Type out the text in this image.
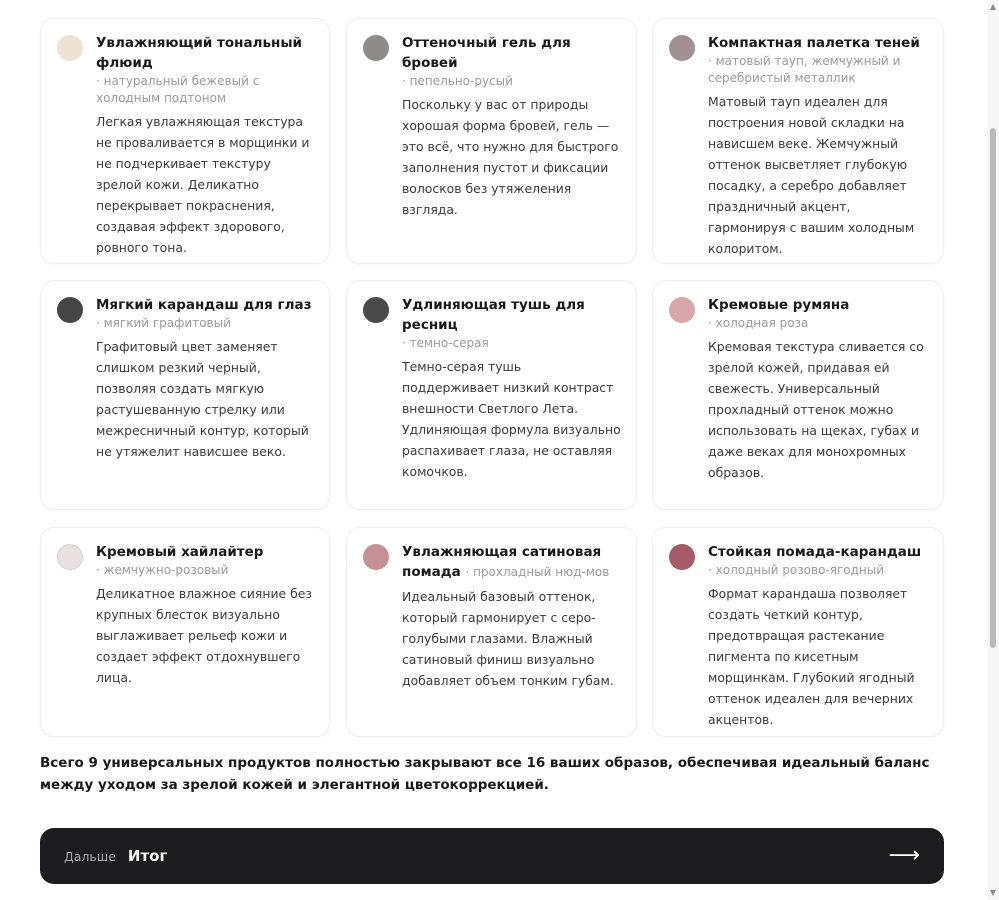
Увлажняющий тональный флюид
· натуральный бежевый с холодным подтоном
Легкая увлажняющая текстура не проваливается в морщинки и не подчеркивает текстуру зрелой кожи. Деликатно перекрывает покраснения, создавая эффект здорового, ровного тона.
Оттеночный гель для бровей
· пепельно-русый
Поскольку у вас от природы хорошая форма бровей, гель — это всё, что нужно для быстрого заполнения пустот и фиксации волосков без утяжеления взгляда.
Компактная палетка теней
· матовый тауп, жемчужный и серебристый металлик
Матовый тауп идеален для построения новой складки на нависшем веке. Жемчужный оттенок высветляет глубокую посадку, а серебро добавляет праздничный акцент, гармонируя с вашим холодным колоритом.
Мягкий карандаш для глаз
· мягкий графитовый
Графитовый цвет заменяет слишком резкий черный, позволяя создать мягкую растушеванную стрелку или межресничный контур, который не утяжелит нависшее веко.
Удлиняющая тушь для ресниц
· темно-серая
Темно-серая тушь поддерживает низкий контраст внешности Светлого Лета. Удлиняющая формула визуально распахивает глаза, не оставляя комочков.
Кремовые румяна
· холодная роза
Кремовая текстура сливается со зрелой кожей, придавая ей свежесть. Универсальный прохладный оттенок можно использовать на щеках, губах и даже веках для монохромных образов.
Кремовый хайлайтер
· жемчужно-розовый
Деликатное влажное сияние без крупных блесток визуально выглаживает рельеф кожи и создает эффект отдохнувшего лица.
Увлажняющая сатиновая помада · прохладный нюд-мов
Идеальный базовый оттенок, который гармонирует с серо-голубыми глазами. Влажный сатиновый финиш визуально добавляет объем тонким губам.
Стойкая помада-карандаш
· холодный розово-ягодный
Формат карандаша позволяет создать четкий контур, предотвращая растекание пигмента по кисетным морщинкам. Глубокий ягодный оттенок идеален для вечерних акцентов.
Всего 9 универсальных продуктов полностью закрывают все 16 ваших образов, обеспечивая идеальный баланс между уходом за зрелой кожей и элегантной цветокоррекцией.
Дальше Итог	⟶
▲
▼
